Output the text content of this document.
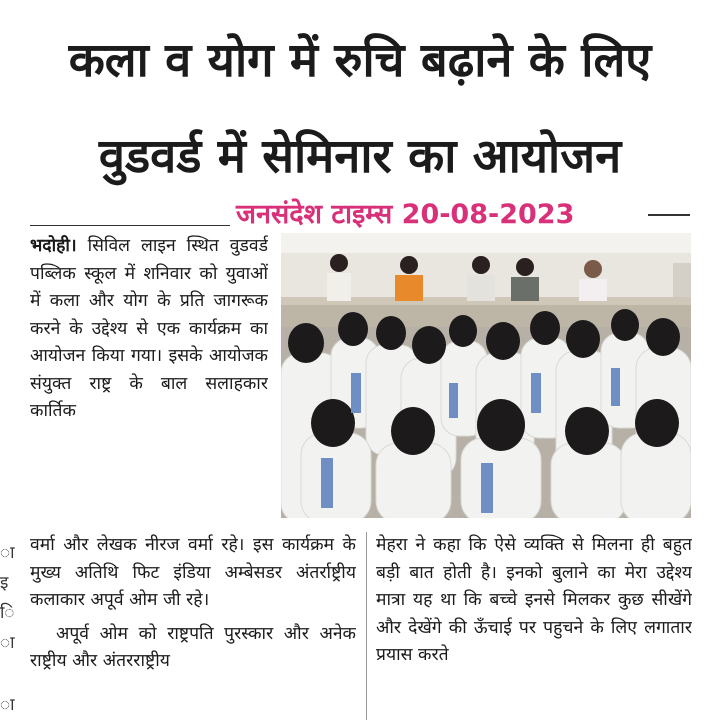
कला व योग में रुचि बढ़ाने के लिए
वुडवर्ड में सेमिनार का आयोजन
जनसंदेश टाइम्स 20-08-2023
ा
इ
ि
ा
ा

भदोही। सिविल लाइन स्थित वुडवर्ड पब्लिक स्कूल में शनिवार को युवाओं में कला और योग के प्रति जागरूक करने के उद्देश्य से एक कार्यक्रम का आयोजन किया गया। इसके आयोजक संयुक्त राष्ट्र के बाल सलाहकार कार्तिक

वर्मा और लेखक नीरज वर्मा रहे। इस कार्यक्रम के मुख्य अतिथि फिट इंडिया अम्बेसडर अंतर्राष्ट्रीय कलाकार अपूर्व ओम जी रहे।

अपूर्व ओम को राष्ट्रपति पुरस्कार और अनेक राष्ट्रीय और अंतरराष्ट्रीय

मेहरा ने कहा कि ऐसे व्यक्ति से मिलना ही बहुत बड़ी बात होती है। इनको बुलाने का मेरा उद्देश्य मात्रा यह था कि बच्चे इनसे मिलकर कुछ सीखेंगे और देखेंगे की ऊँचाई पर पहुचने के लिए लगातार प्रयास करते
